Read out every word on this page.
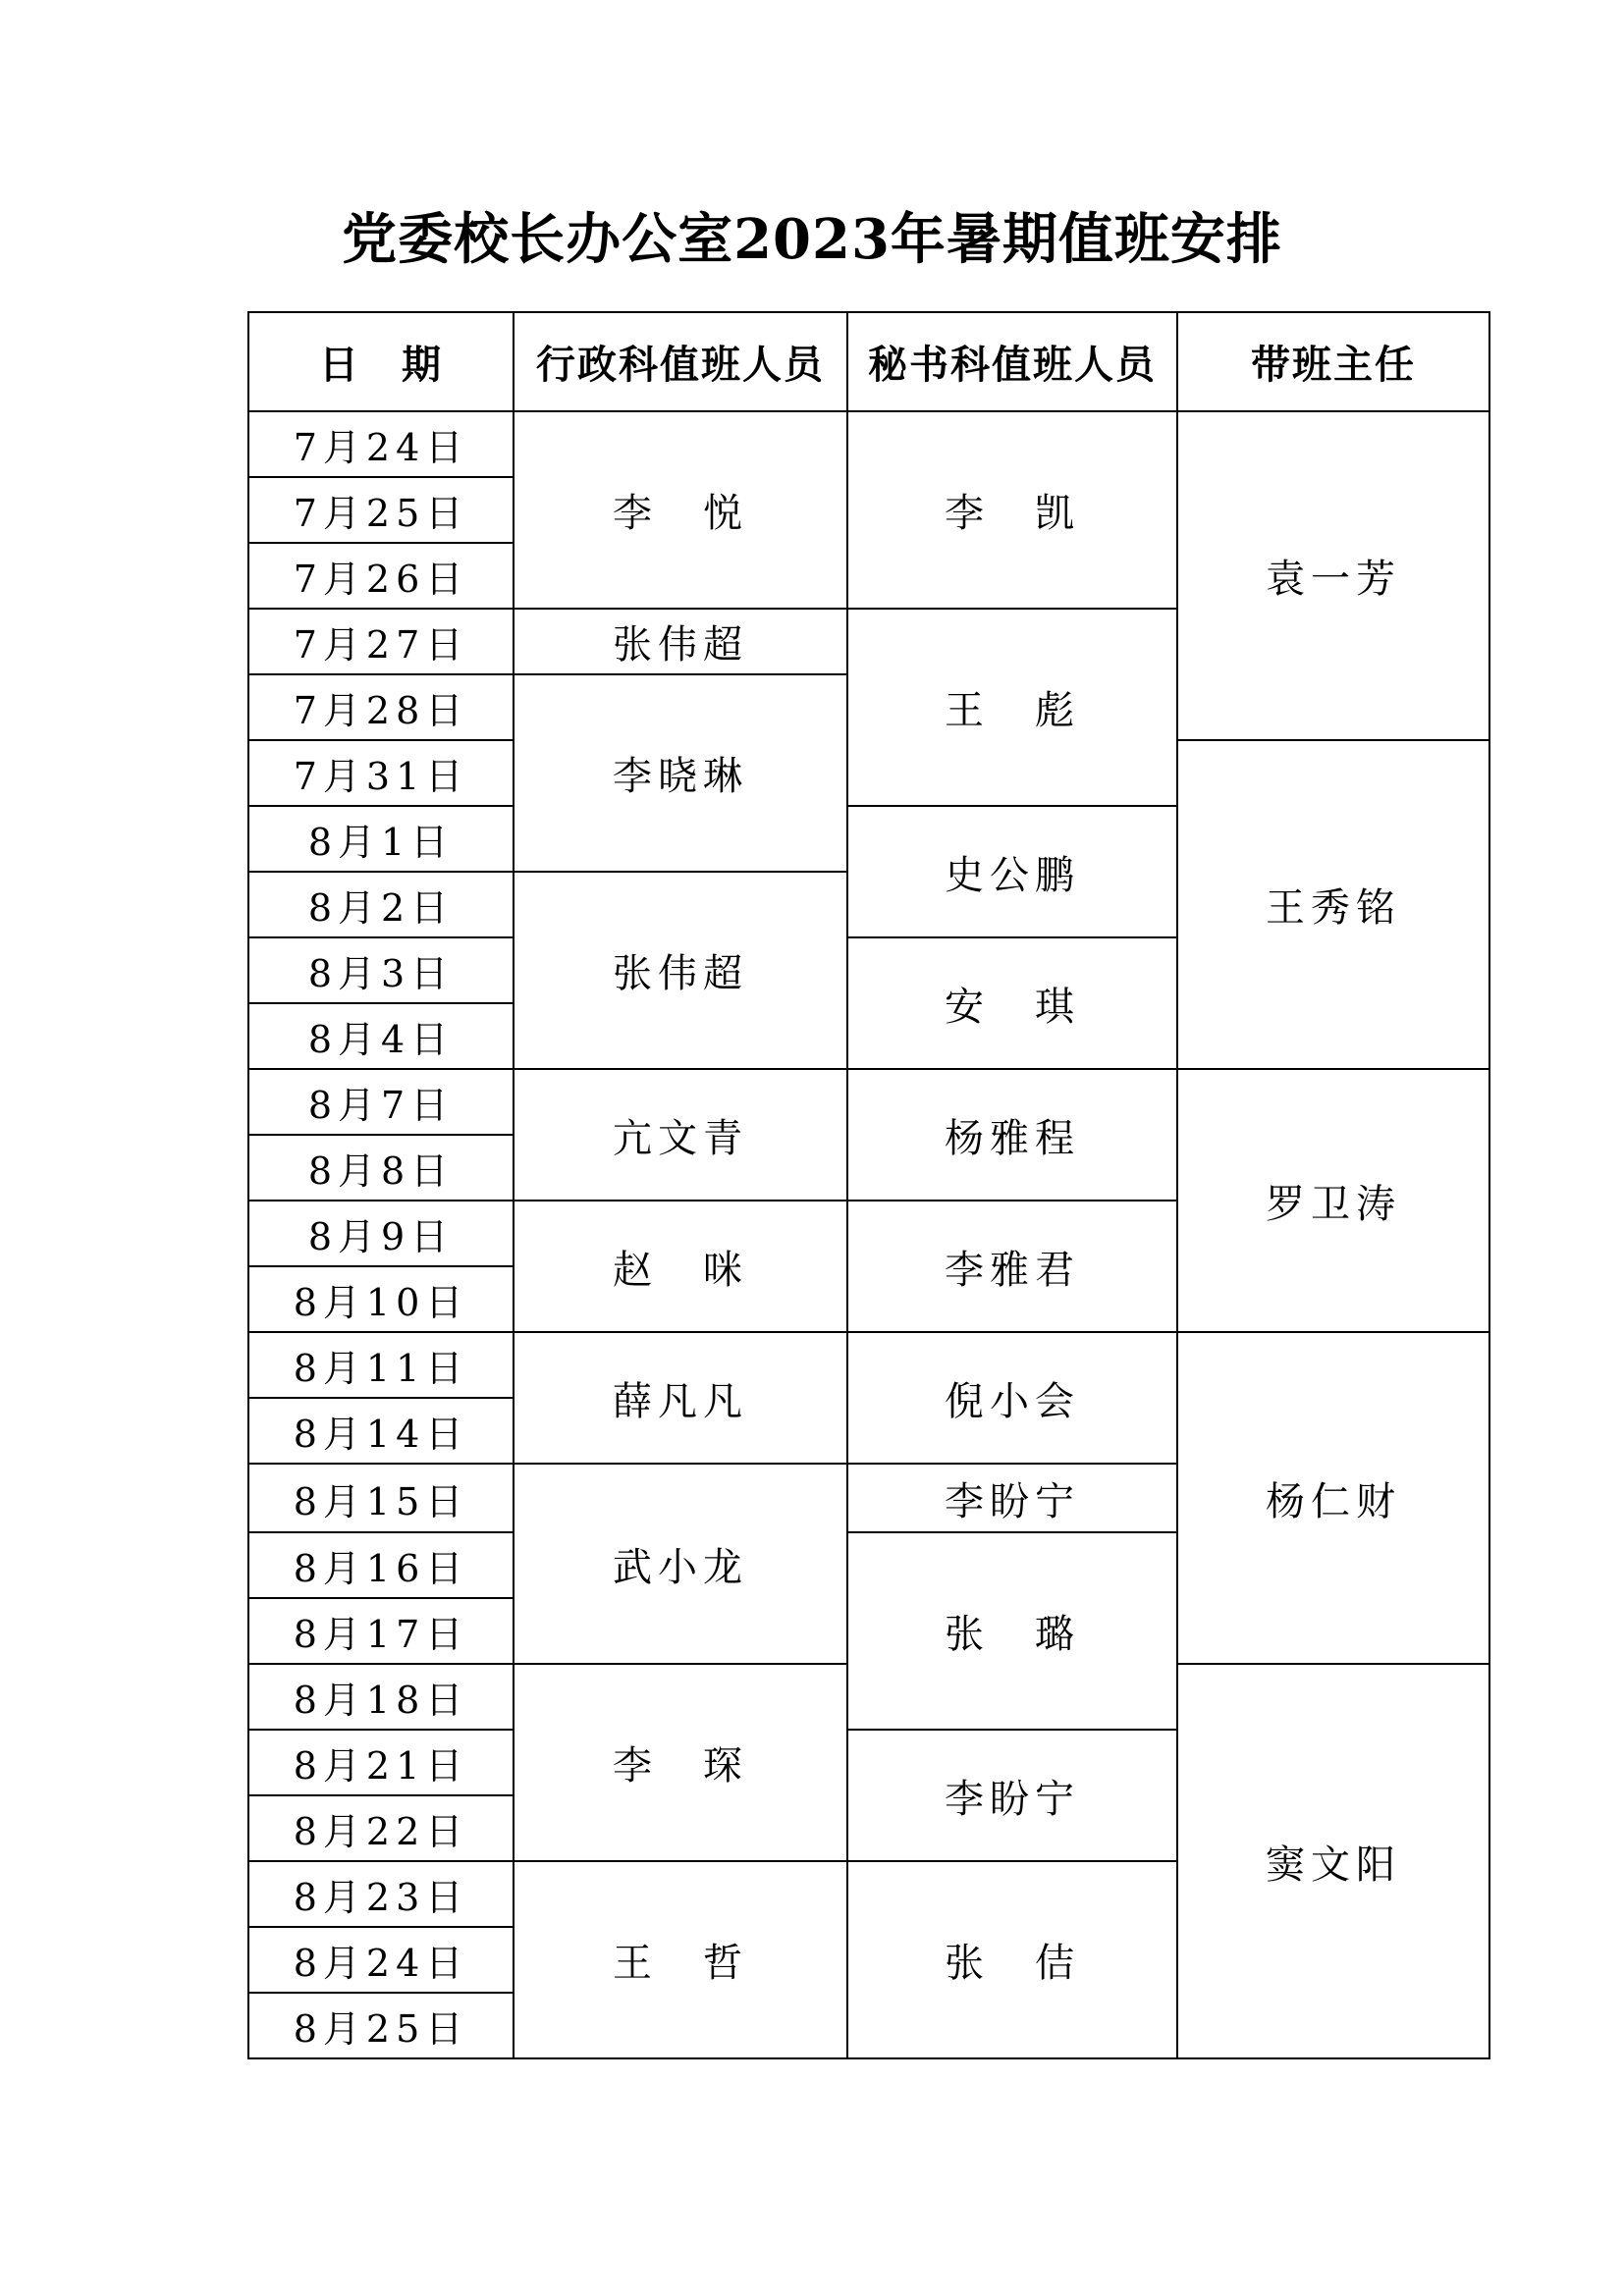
党委校长办公室2023年暑期值班安排
日　期	行政科值班人员	秘书科值班人员	带班主任
7月24日	李　悦	李　凯	袁一芳
7月25日			
7月26日			
7月27日	张伟超	王　彪	
7月28日	李晓琳		
7月31日			王秀铭
8月1日		史公鹏	
8月2日	张伟超		
8月3日		安　琪	
8月4日			
8月7日	亢文青	杨雅程	罗卫涛
8月8日			
8月9日	赵　咪	李雅君	
8月10日			
8月11日	薛凡凡	倪小会	杨仁财
8月14日			
8月15日	武小龙	李盼宁	
8月16日		张　璐	
8月17日			
8月18日	李　琛		窦文阳
8月21日		李盼宁	
8月22日			
8月23日	王　哲	张　佶	
8月24日			
8月25日			
